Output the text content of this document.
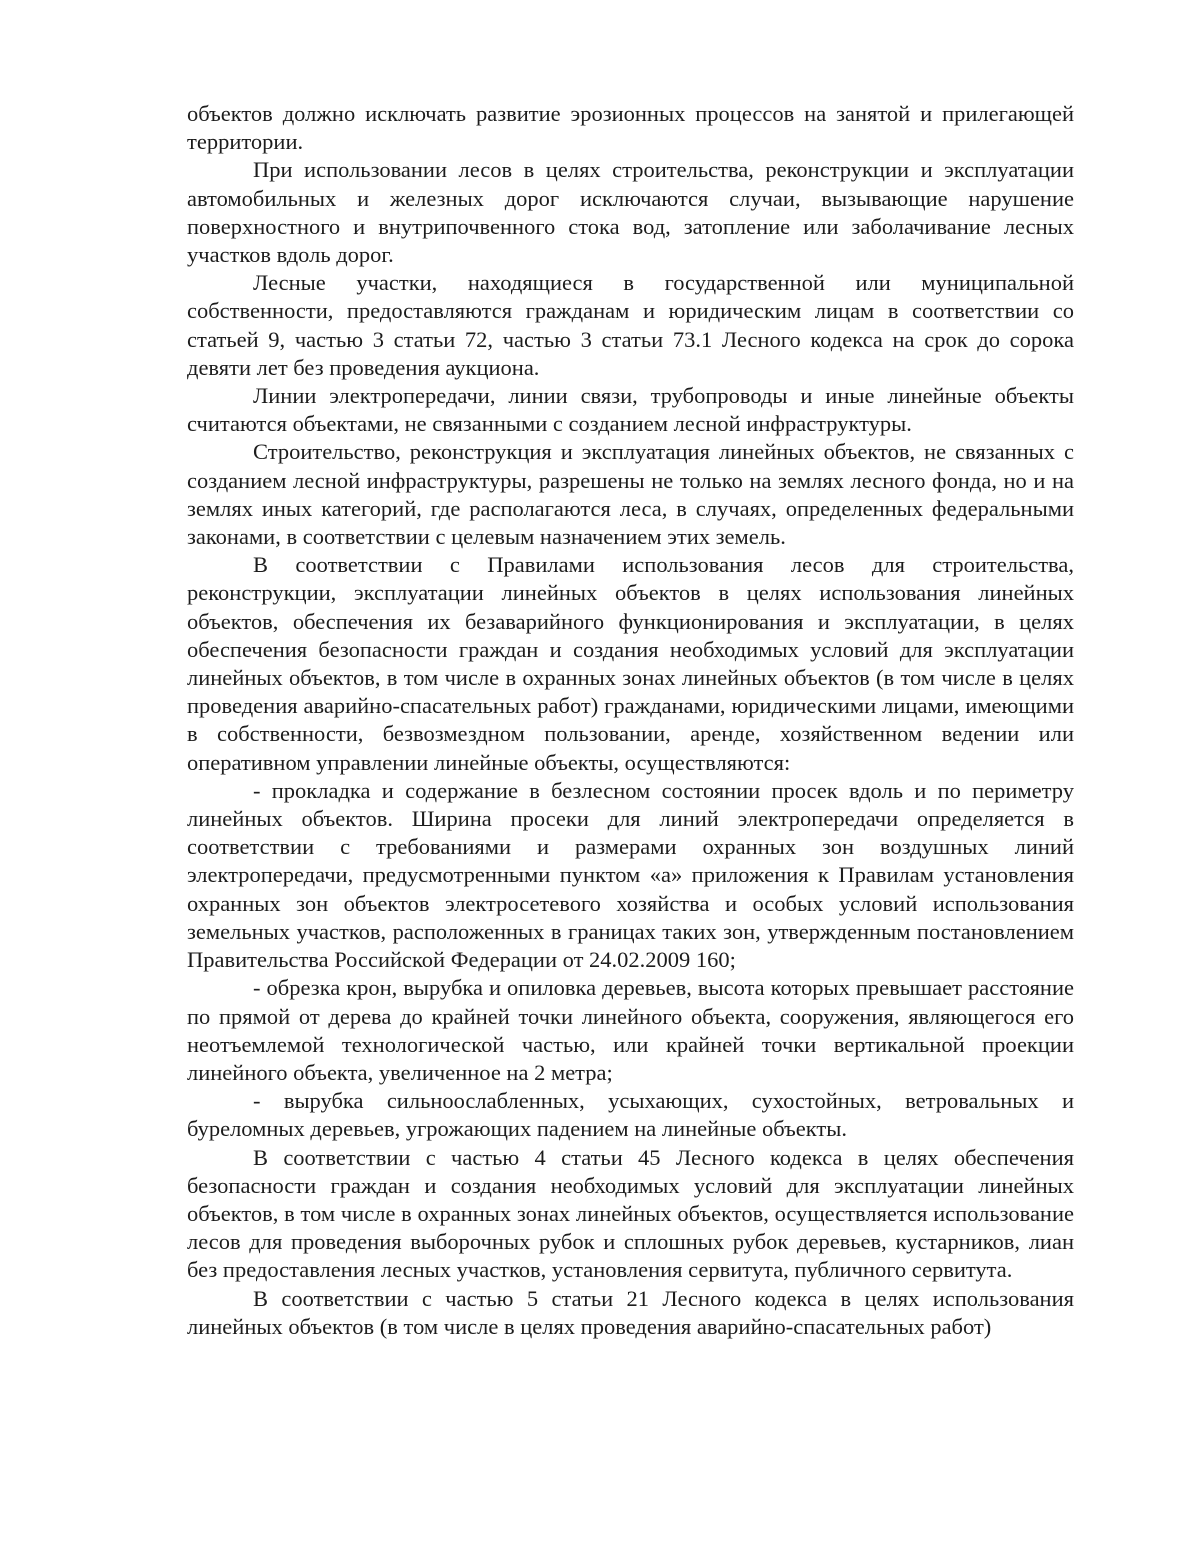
объектов должно исключать развитие эрозионных процессов на занятой и прилегающей территории.

При использовании лесов в целях строительства, реконструкции и эксплуатации автомобильных и железных дорог исключаются случаи, вызывающие нарушение поверхностного и внутрипочвенного стока вод, затопление или заболачивание лесных участков вдоль дорог.

Лесные участки, находящиеся в государственной или муниципальной собственности, предоставляются гражданам и юридическим лицам в соответствии со статьей 9, частью 3 статьи 72, частью 3 статьи 73.1 Лесного кодекса на срок до сорока девяти лет без проведения аукциона.

Линии электропередачи, линии связи, трубопроводы и иные линейные объекты считаются объектами, не связанными с созданием лесной инфраструктуры.

Строительство, реконструкция и эксплуатация линейных объектов, не связанных с созданием лесной инфраструктуры, разрешены не только на землях лесного фонда, но и на землях иных категорий, где располагаются леса, в случаях, определенных федеральными законами, в соответствии с целевым назначением этих земель.

В соответствии с Правилами использования лесов для строительства, реконструкции, эксплуатации линейных объектов в целях использования линейных объектов, обеспечения их безаварийного функционирования и эксплуатации, в целях обеспечения безопасности граждан и создания необходимых условий для эксплуатации линейных объектов, в том числе в охранных зонах линейных объектов (в том числе в целях проведения аварийно-спасательных работ) гражданами, юридическими лицами, имеющими в собственности, безвозмездном пользовании, аренде, хозяйственном ведении или оперативном управлении линейные объекты, осуществляются:

- прокладка и содержание в безлесном состоянии просек вдоль и по периметру линейных объектов. Ширина просеки для линий электропередачи определяется в соответствии с требованиями и размерами охранных зон воздушных линий электропередачи, предусмотренными пунктом «а» приложения к Правилам установления охранных зон объектов электросетевого хозяйства и особых условий использования земельных участков, расположенных в границах таких зон, утвержденным постановлением Правительства Российской Федерации от 24.02.2009 160;

- обрезка крон, вырубка и опиловка деревьев, высота которых превышает расстояние по прямой от дерева до крайней точки линейного объекта, сооружения, являющегося его неотъемлемой технологической частью, или крайней точки вертикальной проекции линейного объекта, увеличенное на 2 метра;

- вырубка сильноослабленных, усыхающих, сухостойных, ветровальных и буреломных деревьев, угрожающих падением на линейные объекты.

В соответствии с частью 4 статьи 45 Лесного кодекса в целях обеспечения безопасности граждан и создания необходимых условий для эксплуатации линейных объектов, в том числе в охранных зонах линейных объектов, осуществляется использование лесов для проведения выборочных рубок и сплошных рубок деревьев, кустарников, лиан без предоставления лесных участков, установления сервитута, публичного сервитута.

В соответствии с частью 5 статьи 21 Лесного кодекса в целях использования линейных объектов (в том числе в целях проведения аварийно-спасательных работ)
